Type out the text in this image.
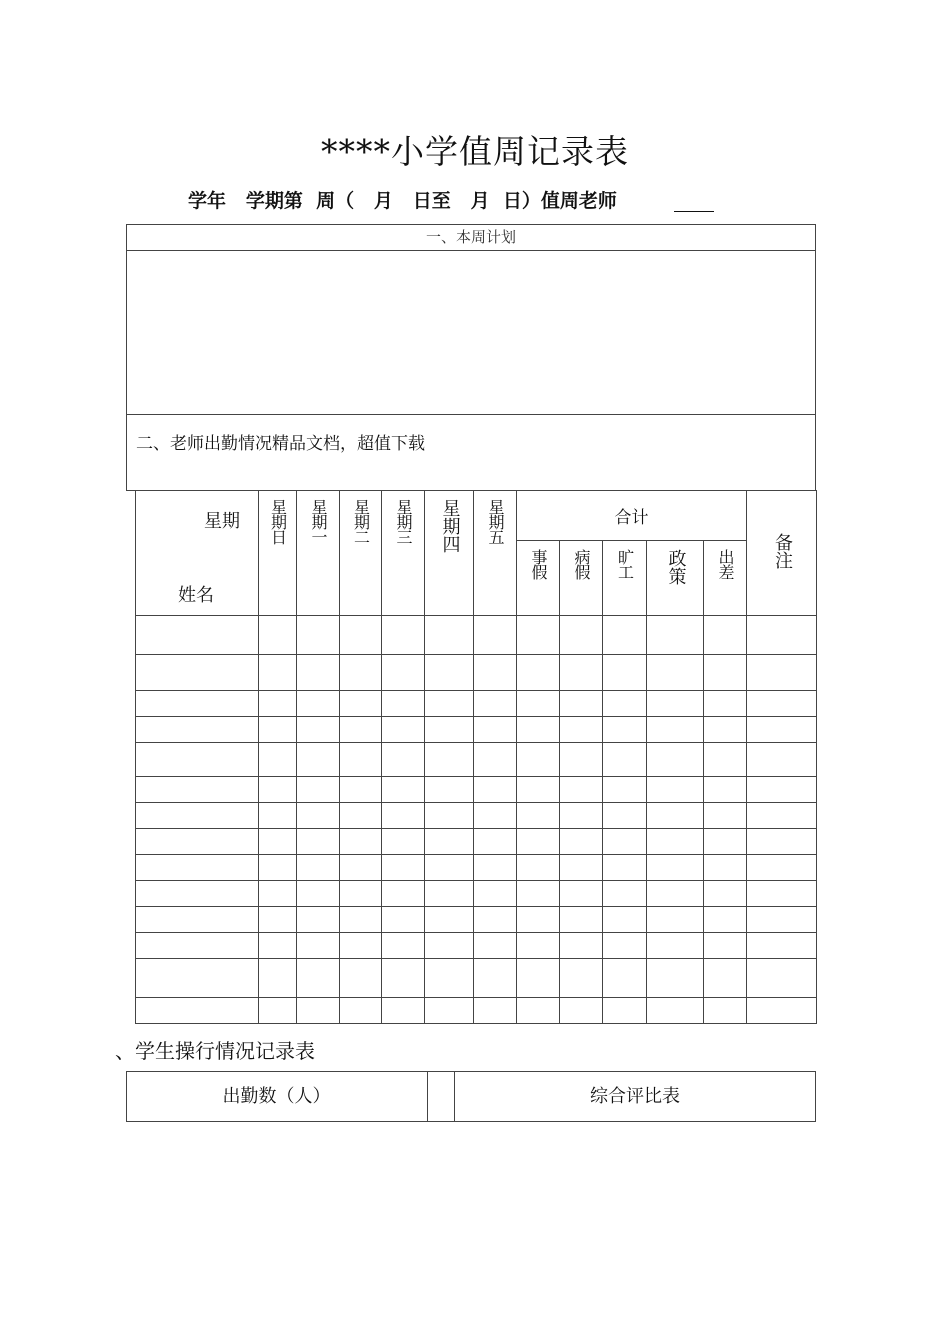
****小学值周记录表
学年   学期第  周（   月   日至   月  日）值周老师
一、本周计划
二、老师出勤情况精品文档，超值下载
星期
姓名	星期日	星期一	星期二	星期三	星期四	星期五	合计					备注
							事假	病假	旷工	政策	出差	

、学生操行情况记录表
出勤数（人）	综合评比表
